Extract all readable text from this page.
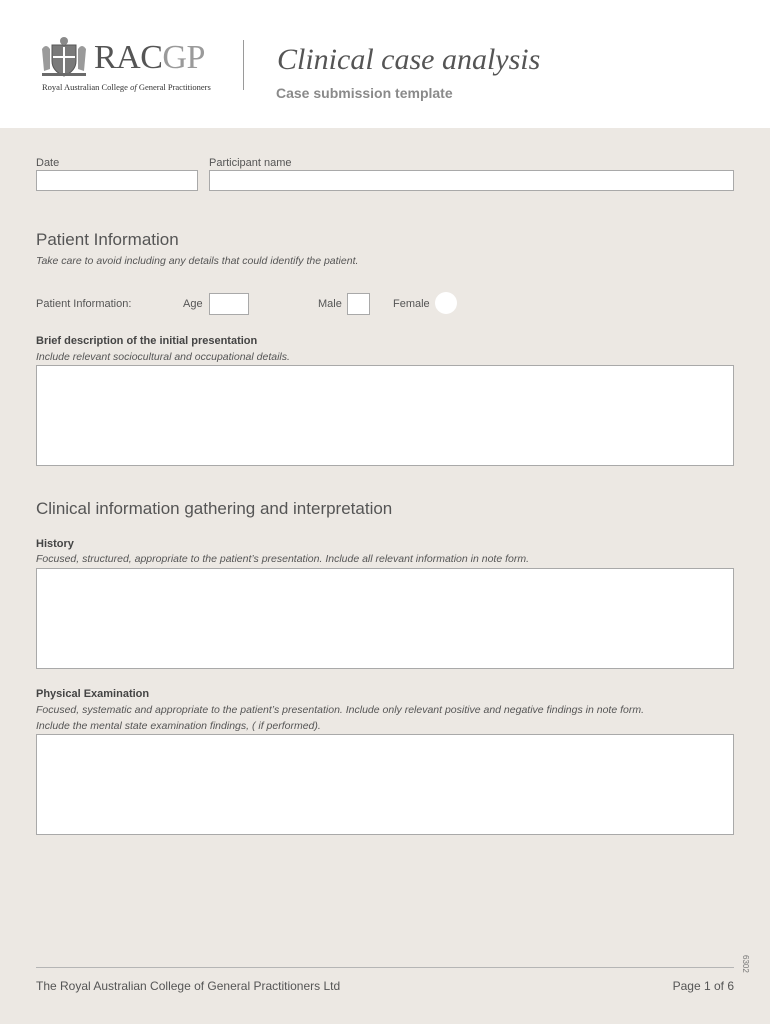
RACGP
Royal Australian College of General Practitioners
Clinical case analysis
Case submission template
Date	Participant name
Patient Information
Take care to avoid including any details that could identify the patient.
Patient Information:	Age	Male	Female
Brief description of the initial presentation
Include relevant sociocultural and occupational details.
Clinical information gathering and interpretation
History
Focused, structured, appropriate to the patient’s presentation. Include all relevant information in note form.
Physical Examination
Focused, systematic and appropriate to the patient’s presentation. Include only relevant positive and negative findings in note form.
Include the mental state examination findings, ( if performed).
6302
The Royal Australian College of General Practitioners Ltd	Page 1 of 6
